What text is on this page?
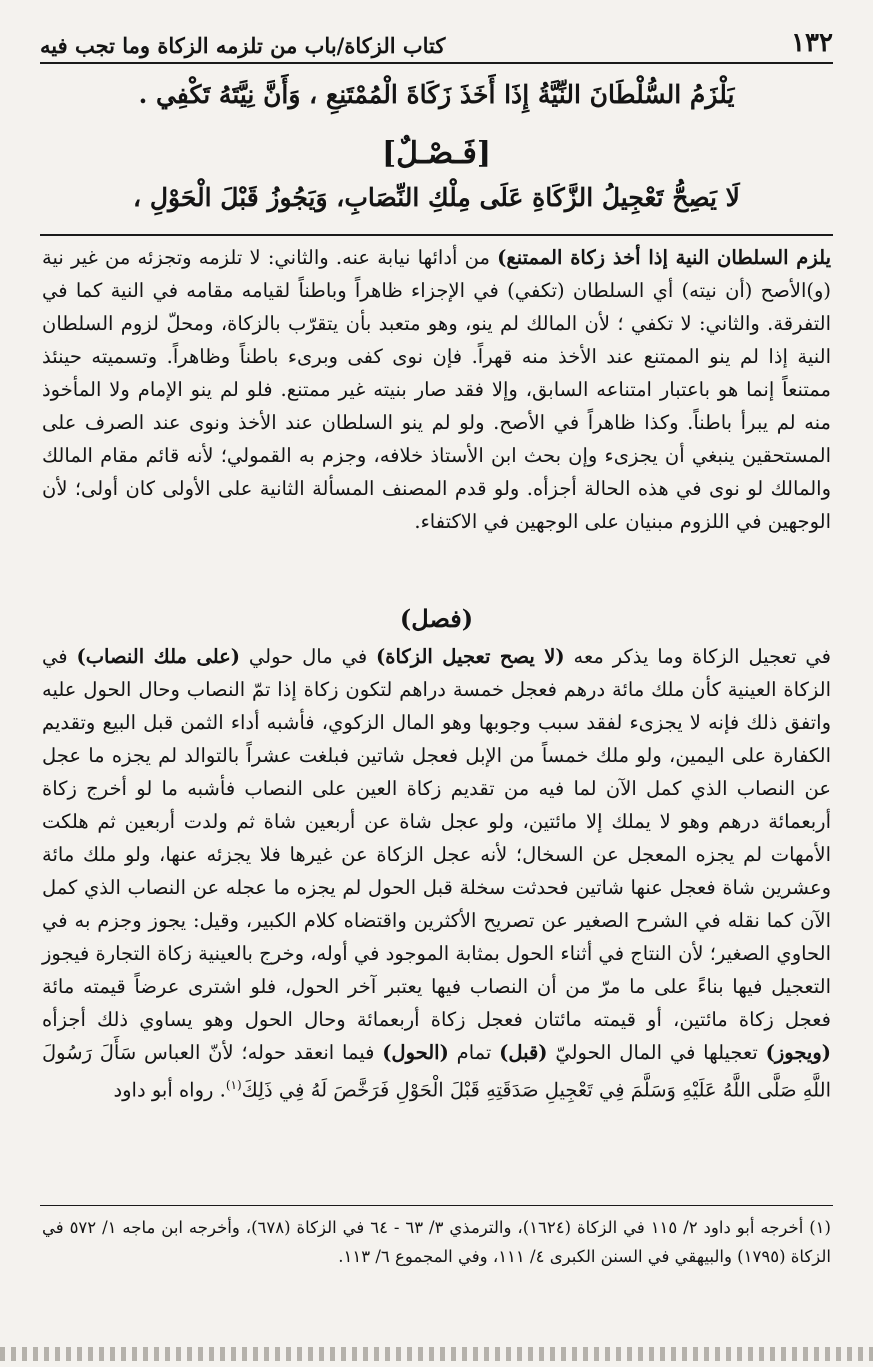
١٣٢
كتاب الزكاة/باب من تلزمه الزكاة وما تجب فيه
يَلْزَمُ السُّلْطَانَ النِّيَّةُ إِذَا أَخَذَ زَكَاةَ الْمُمْتَنِعِ ، وَأَنَّ نِيَّتَهُ تَكْفِي .
[فَـصْـلٌ]
لَا يَصِحُّ تَعْجِيلُ الزَّكَاةِ عَلَى مِلْكِ النِّصَابِ، وَيَجُوزُ قَبْلَ الْحَوْلِ ،

يلزم السلطان النية إذا أخذ زكاة الممتنع) من أدائها نيابة عنه. والثاني: لا تلزمه وتجزئه من غير نية (و)الأصح (أن نيته) أي السلطان (تكفي) في الإجزاء ظاهراً وباطناً لقيامه مقامه في النية كما في التفرقة. والثاني: لا تكفي ؛ لأن المالك لم ينو، وهو متعبد بأن يتقرّب بالزكاة، ومحلّ لزوم السلطان النية إذا لم ينو الممتنع عند الأخذ منه قهراً. فإن نوى كفى وبرىء باطناً وظاهراً. وتسميته حينئذ ممتنعاً إنما هو باعتبار امتناعه السابق، وإلا فقد صار بنيته غير ممتنع. فلو لم ينو الإمام ولا المأخوذ منه لم يبرأ باطناً. وكذا ظاهراً في الأصح. ولو لم ينو السلطان عند الأخذ ونوى عند الصرف على المستحقين ينبغي أن يجزىء وإن بحث ابن الأستاذ خلافه، وجزم به القمولي؛ لأنه قائم مقام المالك والمالك لو نوى في هذه الحالة أجزأه. ولو قدم المصنف المسألة الثانية على الأولى كان أولى؛ لأن الوجهين في اللزوم مبنيان على الوجهين في الاكتفاء.

(فصل)

في تعجيل الزكاة وما يذكر معه (لا يصح تعجيل الزكاة) في مال حولي (على ملك النصاب) في الزكاة العينية كأن ملك مائة درهم فعجل خمسة دراهم لتكون زكاة إذا تمّ النصاب وحال الحول عليه واتفق ذلك فإنه لا يجزىء لفقد سبب وجوبها وهو المال الزكوي، فأشبه أداء الثمن قبل البيع وتقديم الكفارة على اليمين، ولو ملك خمساً من الإبل فعجل شاتين فبلغت عشراً بالتوالد لم يجزه ما عجل عن النصاب الذي كمل الآن لما فيه من تقديم زكاة العين على النصاب فأشبه ما لو أخرج زكاة أربعمائة درهم وهو لا يملك إلا مائتين، ولو عجل شاة عن أربعين شاة ثم ولدت أربعين ثم هلكت الأمهات لم يجزه المعجل عن السخال؛ لأنه عجل الزكاة عن غيرها فلا يجزئه عنها، ولو ملك مائة وعشرين شاة فعجل عنها شاتين فحدثت سخلة قبل الحول لم يجزه ما عجله عن النصاب الذي كمل الآن كما نقله في الشرح الصغير عن تصريح الأكثرين واقتضاه كلام الكبير، وقيل: يجوز وجزم به في الحاوي الصغير؛ لأن النتاج في أثناء الحول بمثابة الموجود في أوله، وخرج بالعينية زكاة التجارة فيجوز التعجيل فيها بناءً على ما مرّ من أن النصاب فيها يعتبر آخر الحول، فلو اشترى عرضاً قيمته مائة فعجل زكاة مائتين، أو قيمته مائتان فعجل زكاة أربعمائة وحال الحول وهو يساوي ذلك أجزأه (ويجوز) تعجيلها في المال الحوليّ (قبل) تمام (الحول) فيما انعقد حوله؛ لأنّ العباس سَأَلَ رَسُولَ اللَّهِ صَلَّى اللَّهُ عَلَيْهِ وَسَلَّمَ فِي تَعْجِيلِ صَدَقَتِهِ قَبْلَ الْحَوْلِ فَرَخَّصَ لَهُ فِي ذَلِكَ$^{(١)}$. رواه أبو داود

(١) أخرجه أبو داود ٢/ ١١٥ في الزكاة (١٦٢٤)، والترمذي ٣/ ٦٣ - ٦٤ في الزكاة (٦٧٨)، وأخرجه ابن ماجه ١/ ٥٧٢ في الزكاة (١٧٩٥) والبيهقي في السنن الكبرى ٤/ ١١١، وفي المجموع ٦/ ١١٣.
